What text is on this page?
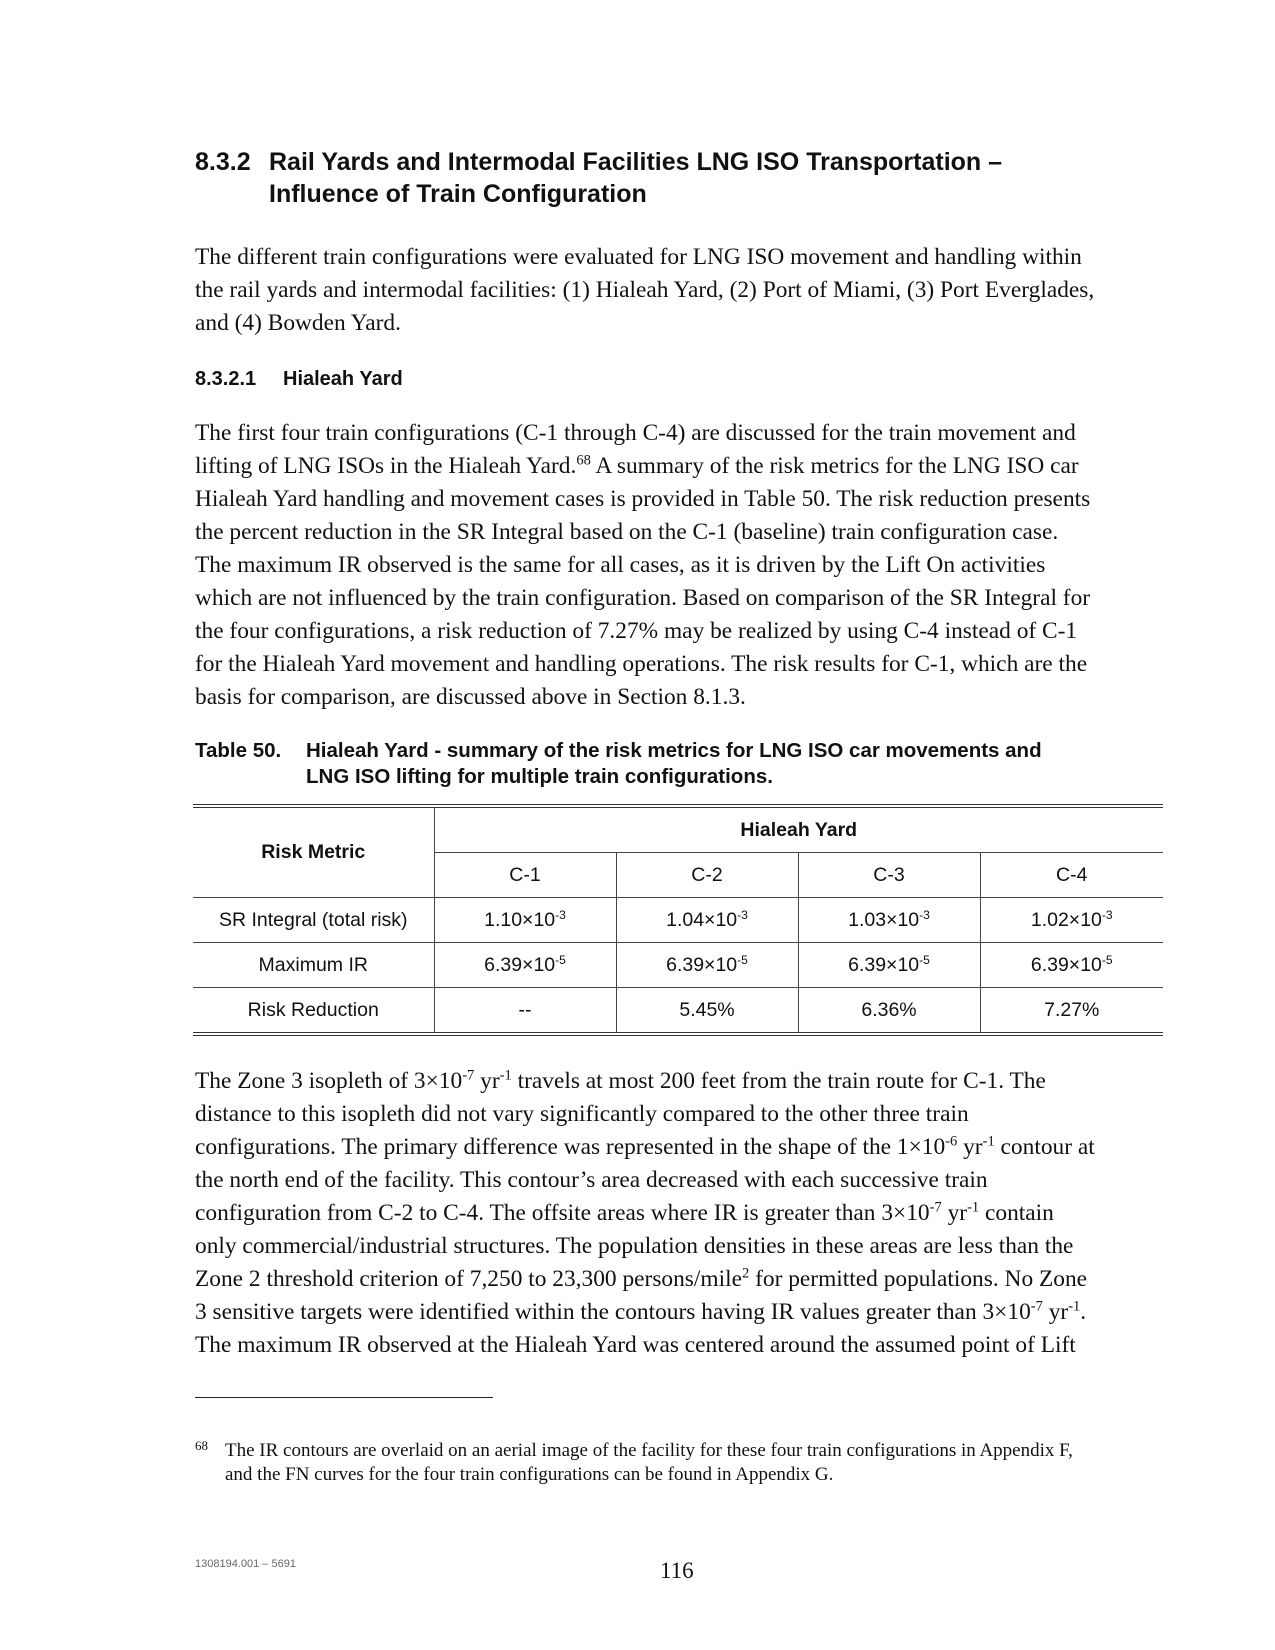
8.3.2 Rail Yards and Intermodal Facilities LNG ISO Transportation –
Influence of Train Configuration
The different train configurations were evaluated for LNG ISO movement and handling within
the rail yards and intermodal facilities: (1) Hialeah Yard, (2) Port of Miami, (3) Port Everglades,
and (4) Bowden Yard.
8.3.2.1 Hialeah Yard
The first four train configurations (C-1 through C-4) are discussed for the train movement and
lifting of LNG ISOs in the Hialeah Yard.$^{68}$ A summary of the risk metrics for the LNG ISO car
Hialeah Yard handling and movement cases is provided in Table 50. The risk reduction presents
the percent reduction in the SR Integral based on the C-1 (baseline) train configuration case.
The maximum IR observed is the same for all cases, as it is driven by the Lift On activities
which are not influenced by the train configuration. Based on comparison of the SR Integral for
the four configurations, a risk reduction of 7.27% may be realized by using C-4 instead of C-1
for the Hialeah Yard movement and handling operations. The risk results for C-1, which are the
basis for comparison, are discussed above in Section 8.1.3.
Table 50. Hialeah Yard - summary of the risk metrics for LNG ISO car movements and
LNG ISO lifting for multiple train configurations.
Risk Metric	Hialeah Yard			
	C-1	C-2	C-3	C-4
SR Integral (total risk)	$1.10\times 10^{-3}$	$1.04\times 10^{-3}$	$1.03\times 10^{-3}$	$1.02\times 10^{-3}$
Maximum IR	$6.39\times 10^{-5}$	$6.39\times 10^{-5}$	$6.39\times 10^{-5}$	$6.39\times 10^{-5}$
Risk Reduction	--	5.45%	6.36%	7.27%
The Zone 3 isopleth of $3\times 10^{-7}$ $yr^{-1}$ travels at most 200 feet from the train route for C-1. The
distance to this isopleth did not vary significantly compared to the other three train
configurations. The primary difference was represented in the shape of the $1\times 10^{-6}$ $yr^{-1}$ contour at
the north end of the facility. This contour’s area decreased with each successive train
configuration from C-2 to C-4. The offsite areas where IR is greater than $3\times 10^{-7}$ $yr^{-1}$ contain
only commercial/industrial structures. The population densities in these areas are less than the
Zone 2 threshold criterion of 7,250 to 23,300 persons/mile$^2$ for permitted populations. No Zone
3 sensitive targets were identified within the contours having IR values greater than $3\times 10^{-7}$ $yr^{-1}$.
The maximum IR observed at the Hialeah Yard was centered around the assumed point of Lift
68 The IR contours are overlaid on an aerial image of the facility for these four train configurations in Appendix F,
and the FN curves for the four train configurations can be found in Appendix G.
1308194.001 – 5691	116
